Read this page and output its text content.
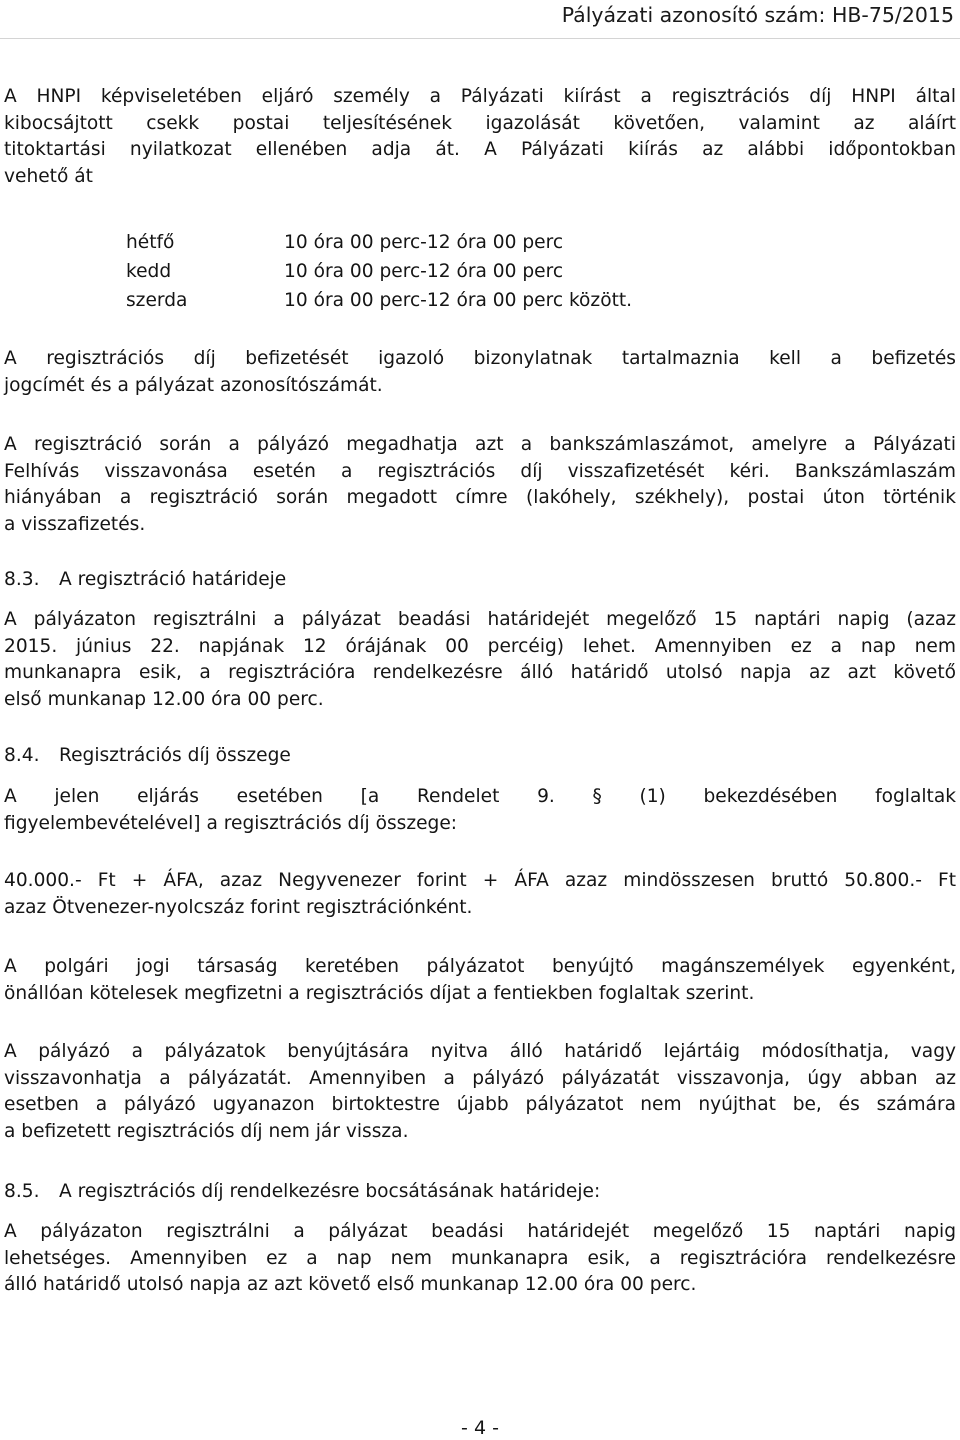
Pályázati azonosító szám: HB-75/2015

A HNPI képviseletében eljáró személy a Pályázati kiírást a regisztrációs díj HNPI által
kibocsájtott csekk postai teljesítésének igazolását követően, valamint az aláírt
titoktartási nyilatkozat ellenében adja át. A Pályázati kiírás az alábbi időpontokban
vehető át

hétfő	10 óra 00 perc-12 óra 00 perc
kedd	10 óra 00 perc-12 óra 00 perc
szerda	10 óra 00 perc-12 óra 00 perc között.

A regisztrációs díj befizetését igazoló bizonylatnak tartalmaznia kell a befizetés
jogcímét és a pályázat azonosítószámát.

A regisztráció során a pályázó megadhatja azt a bankszámlaszámot, amelyre a Pályázati
Felhívás visszavonása esetén a regisztrációs díj visszafizetését kéri. Bankszámlaszám
hiányában a regisztráció során megadott címre (lakóhely, székhely), postai úton történik
a visszafizetés.

8.3. A regisztráció határideje

A pályázaton regisztrálni a pályázat beadási határidejét megelőző 15 naptári napig (azaz
2015. június 22. napjának 12 órájának 00 percéig) lehet. Amennyiben ez a nap nem
munkanapra esik, a regisztrációra rendelkezésre álló határidő utolsó napja az azt követő
első munkanap 12.00 óra 00 perc.

8.4. Regisztrációs díj összege

A jelen eljárás esetében [a Rendelet 9. § (1) bekezdésében foglaltak
figyelembevételével] a regisztrációs díj összege:

40.000.- Ft + ÁFA, azaz Negyvenezer forint + ÁFA azaz mindösszesen bruttó 50.800.- Ft
azaz Ötvenezer-nyolcszáz forint regisztrációnként.

A polgári jogi társaság keretében pályázatot benyújtó magánszemélyek egyenként,
önállóan kötelesek megfizetni a regisztrációs díjat a fentiekben foglaltak szerint.

A pályázó a pályázatok benyújtására nyitva álló határidő lejártáig módosíthatja, vagy
visszavonhatja a pályázatát. Amennyiben a pályázó pályázatát visszavonja, úgy abban az
esetben a pályázó ugyanazon birtoktestre újabb pályázatot nem nyújthat be, és számára
a befizetett regisztrációs díj nem jár vissza.

8.5. A regisztrációs díj rendelkezésre bocsátásának határideje:

A pályázaton regisztrálni a pályázat beadási határidejét megelőző 15 naptári napig
lehetséges. Amennyiben ez a nap nem munkanapra esik, a regisztrációra rendelkezésre
álló határidő utolsó napja az azt követő első munkanap 12.00 óra 00 perc.

- 4 -
